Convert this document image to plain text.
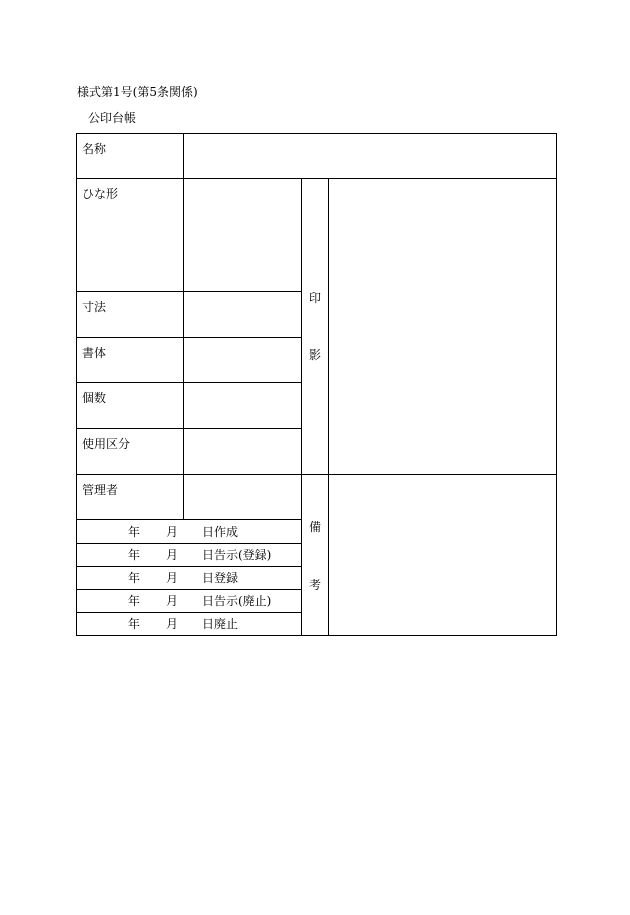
様式第1号(第5条関係)
公印台帳
名称
ひな形
寸法
書体
個数
使用区分
管理者
印
影
備
考
年 月 日作成
年 月 日告示(登録)
年 月 日登録
年 月 日告示(廃止)
年 月 日廃止
